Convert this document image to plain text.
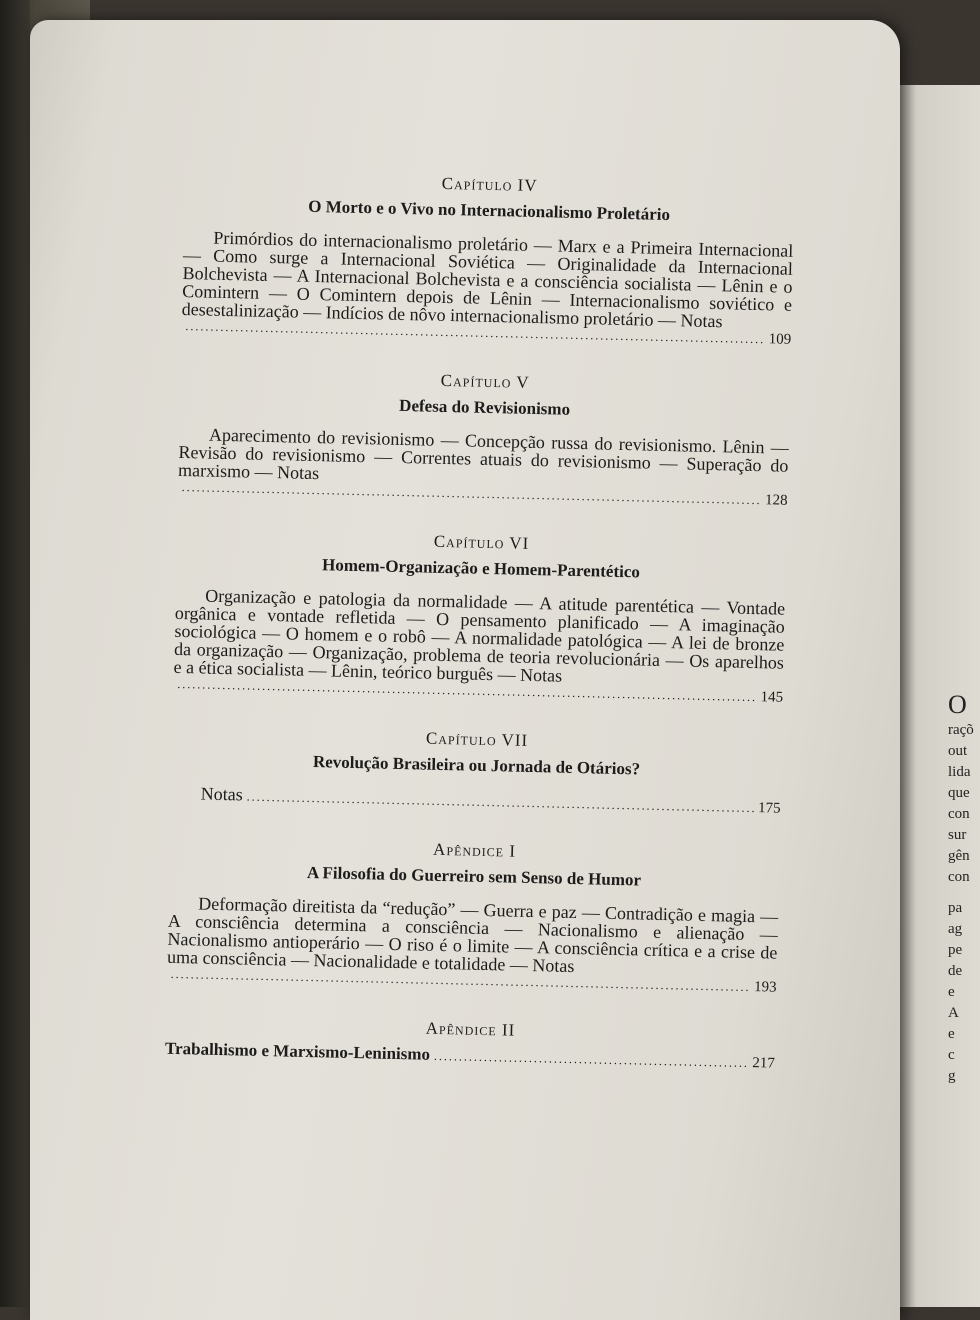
O
raçõ
out
lida
que
con
sur
gên
con
pa
ag
pe
de
e
A
e
c
g

Capítulo IV

O Morto e o Vivo no Internacionalismo Proletário

Primórdios do internacionalismo proletário — Marx e a Primeira Internacional — Como surge a Internacional Soviética — Originalidade da Internacional Bolchevista — A Internacional Bolchevista e a consciência socialista — Lênin e o Comintern — O Comintern depois de Lênin — Internacionalismo soviético e desestalinização — Indícios de nôvo internacionalismo proletário — Notas

.....
109

Capítulo V

Defesa do Revisionismo

Aparecimento do revisionismo — Concepção russa do revisionismo. Lênin — Revisão do revisionismo — Correntes atuais do revisionismo — Superação do marxismo — Notas

.....
128

Capítulo VI

Homem-Organização e Homem-Parentético

Organização e patologia da normalidade — A atitude parentética — Vontade orgânica e vontade refletida — O pensamento planificado — A imaginação sociológica — O homem e o robô — A normalidade patológica — A lei de bronze da organização — Organização, problema de teoria revolucionária — Os aparelhos e a ética socialista — Lênin, teórico burguês — Notas

.....
145

Capítulo VII

Revolução Brasileira ou Jornada de Otários?

Notas
.....
175

Apêndice I

A Filosofia do Guerreiro sem Senso de Humor

Deformação direitista da “redução” — Guerra e paz — Contradição e magia — A consciência determina a consciência — Nacionalismo e alienação — Nacionalismo antioperário — O riso é o limite — A consciência crítica e a crise de uma consciência — Nacionalidade e totalidade — Notas

.....
193

Apêndice II

Trabalhismo e Marxismo-Leninismo
.....	217
